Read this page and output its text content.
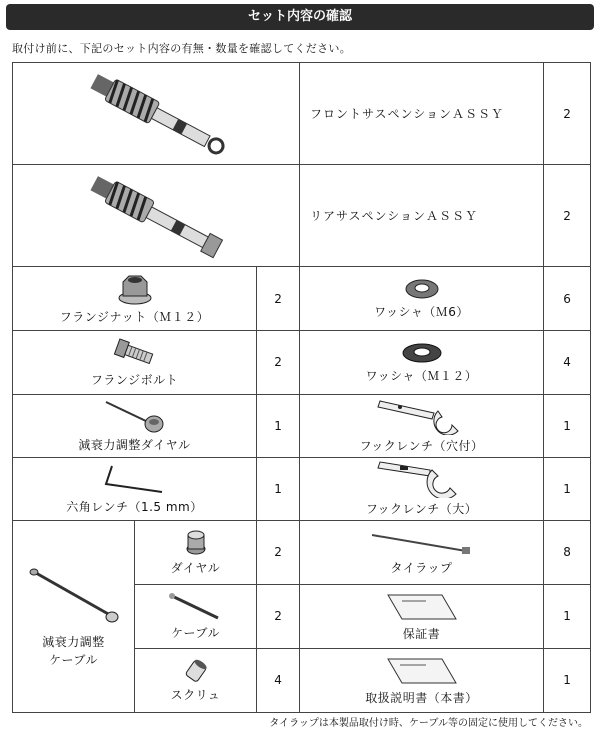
セット内容の確認
取付け前に、下記のセット内容の有無・数量を確認してください。
	フロントサスペンションＡＳＳＹ	2

	リアサスペンションＡＳＳＹ	2

フランジナット（Ｍ１２）		2	ワッシャ（Ｍ6）	6

フランジボルト		2	ワッシャ（Ｍ１２）	4

減衰力調整ダイヤル		1	フックレンチ（穴付）	1

六角レンチ（1.5 mm）		1	フックレンチ（大）	1

減衰力調整
ケーブル	ダイヤル	2	タイラップ	8

	ケーブル	2	保証書	1

	スクリュ	4	取扱説明書（本書）	1
タイラップは本製品取付け時、ケーブル等の固定に使用してください。
